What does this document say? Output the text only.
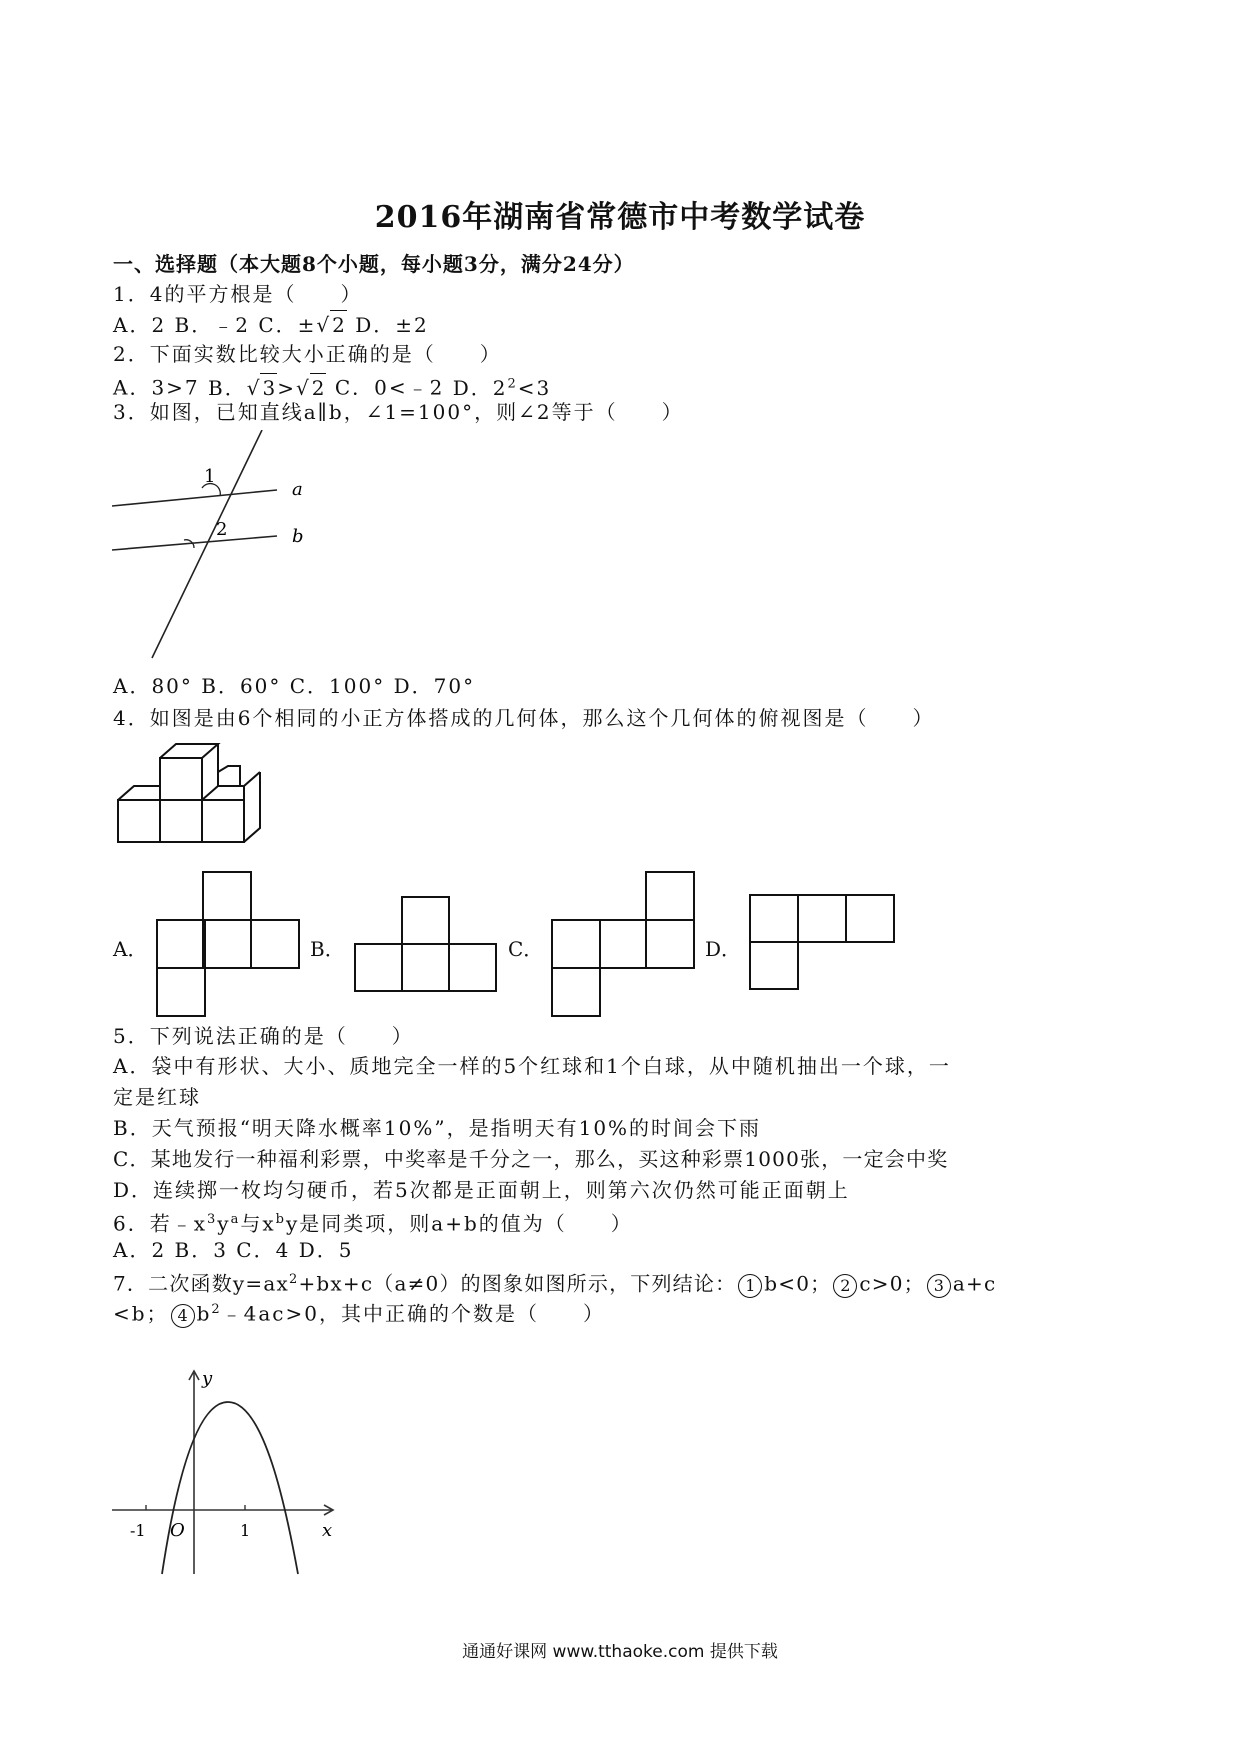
2016年湖南省常德市中考数学试卷
一、选择题（本大题8个小题，每小题3分，满分24分）
1．4的平方根是（　　）
A．2 B．﹣2 C．±√ 2 D．±2
2．下面实数比较大小正确的是（　　）
A．3>7 B．√ 3 >√ 2 C．0<﹣2 D．$2^2<3$
3．如图，已知直线a∥b，∠1=100°，则∠2等于（　　）
1
2
a
b
A．80° B．60° C．100° D．70°
4．如图是由6个相同的小正方体搭成的几何体，那么这个几何体的俯视图是（　　）
A．	B．	C．	D．
5．下列说法正确的是（　　）
A．袋中有形状、大小、质地完全一样的5个红球和1个白球，从中随机抽出一个球，一
定是红球
B．天气预报“明天降水概率10%”，是指明天有10%的时间会下雨
C．某地发行一种福利彩票，中奖率是千分之一，那么，买这种彩票1000张，一定会中奖
D．连续掷一枚均匀硬币，若5次都是正面朝上，则第六次仍然可能正面朝上
6．若$﹣x^3y^a$与$x^by$是同类项，则a+b的值为（　　）
A．2 B．3 C．4 D．5
7．二次函数$y=ax^2+bx+c(a\ne 0)$的图象如图所示，下列结论： 1 b<0； 2 c>0； 3 a+c
<b； 4 $b^2﹣4ac>0$，其中正确的个数是（　　）
y
x
O
-1	1
通通好课网 www.tthaoke.com 提供下载
